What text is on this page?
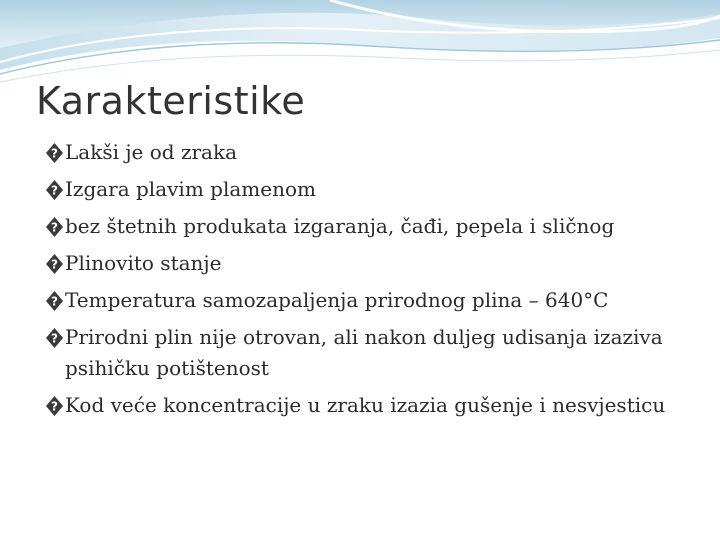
Karakteristike
? Lakši je od zraka
? Izgara plavim plamenom
? bez štetnih produkata izgaranja, čađi, pepela i sličnog
? Plinovito stanje
? Temperatura samozapaljenja prirodnog plina – 640°C
? Prirodni plin nije otrovan, ali nakon duljeg udisanja izaziva psihičku potištenost
? Kod veće koncentracije u zraku izazia gušenje i nesvjesticu
